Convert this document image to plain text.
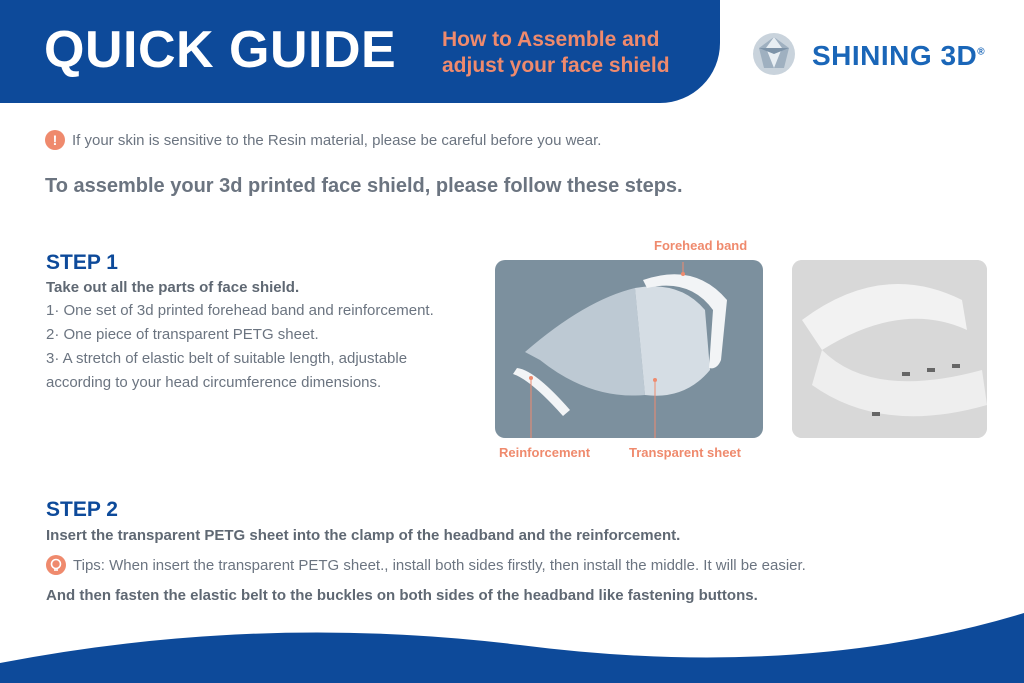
QUICK GUIDE How to Assemble and
adjust your face shield	SHINING 3D®
! If your skin is sensitive to the Resin material, please be careful before you wear.
To assemble your 3d printed face shield, please follow these steps.
STEP 1
Take out all the parts of face shield.
1· One set of 3d printed forehead band and reinforcement.
2· One piece of transparent PETG sheet.
3· A stretch of elastic belt of suitable length, adjustable
according to your head circumference dimensions.
Forehead band
Reinforcement	Transparent sheet
STEP 2
Insert the transparent PETG sheet into the clamp of the headband and the reinforcement.
Tips: When insert the transparent PETG sheet., install both sides firstly, then install the middle. It will be easier.
And then fasten the elastic belt to the buckles on both sides of the headband like fastening buttons.
